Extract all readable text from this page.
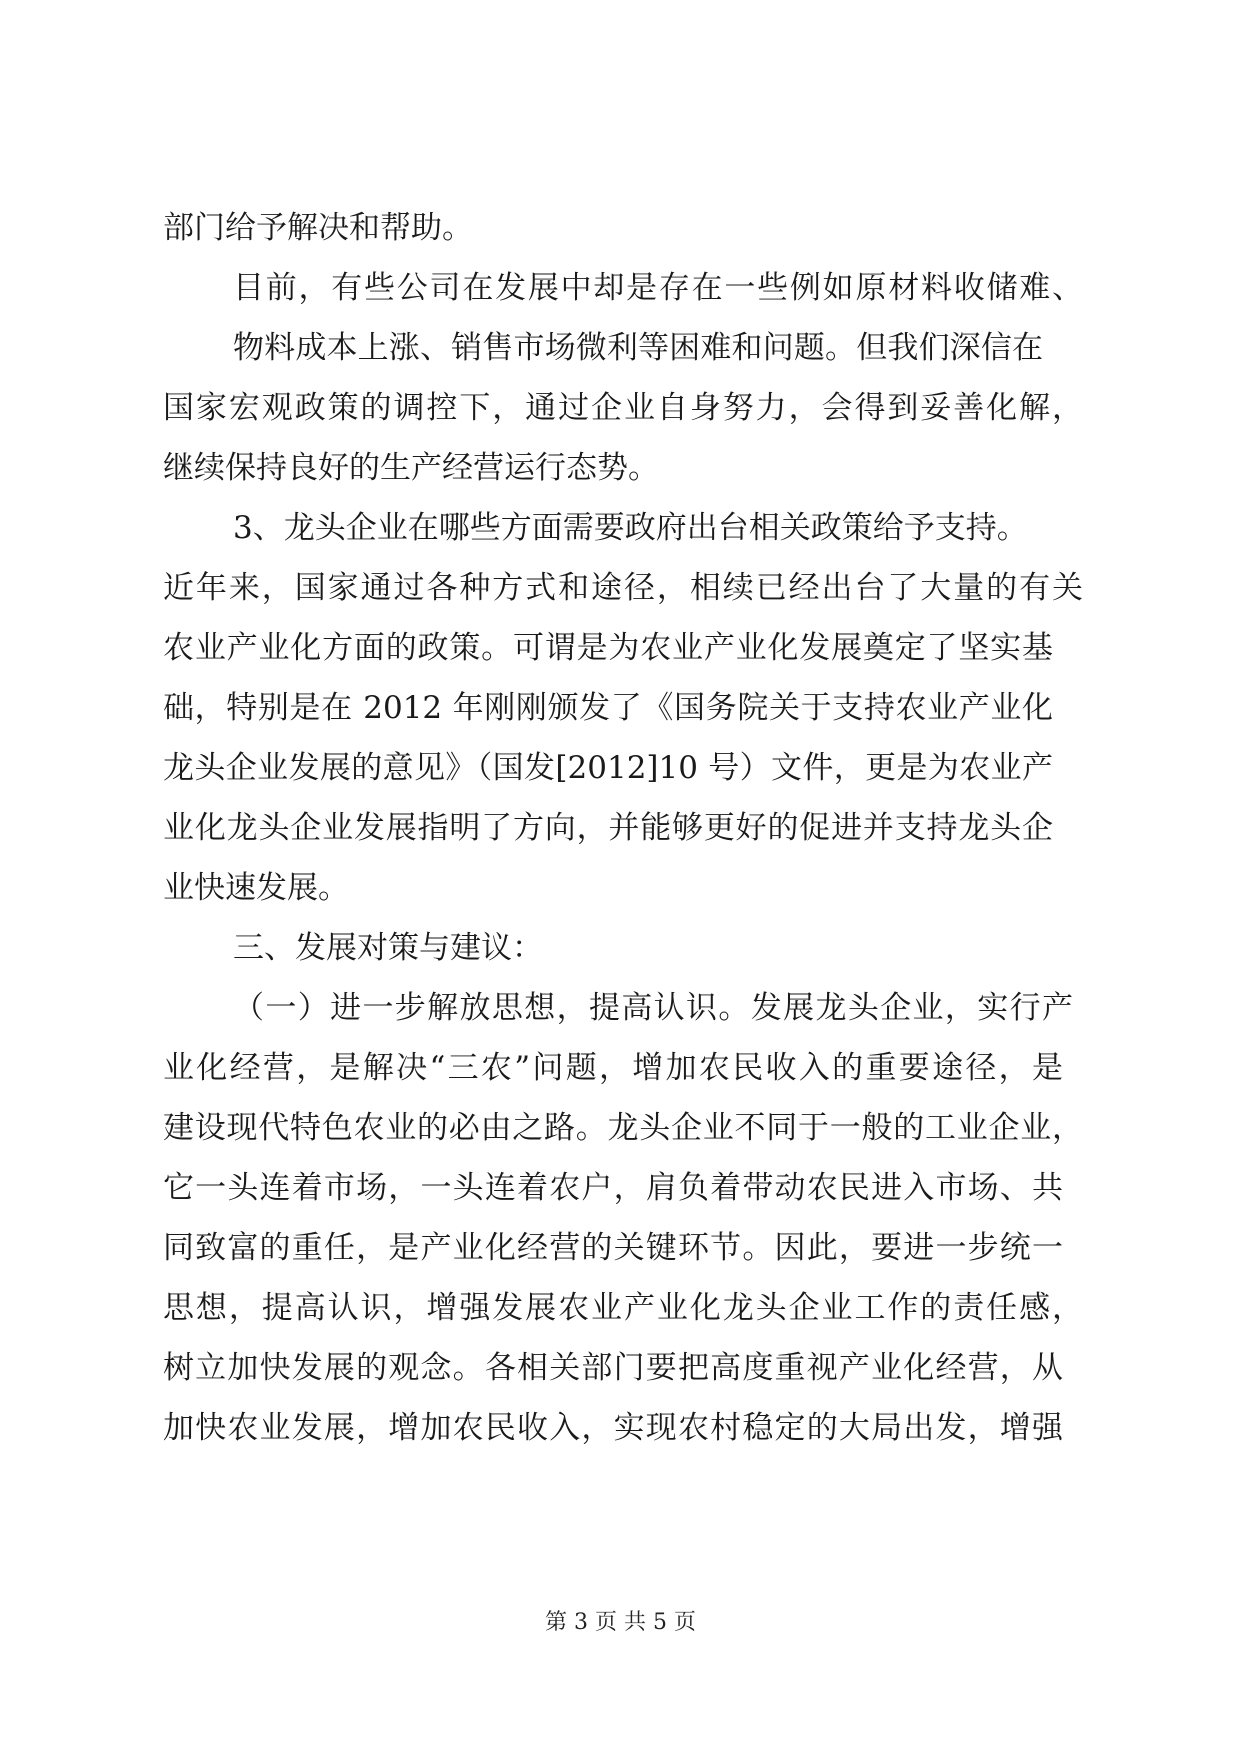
部门给予解决和帮助。
目前，有些公司在发展中却是存在一些例如原材料收储难、
物料成本上涨、销售市场微利等困难和问题。但我们深信在
国家宏观政策的调控下，通过企业自身努力，会得到妥善化解，
继续保持良好的生产经营运行态势。
3、龙头企业在哪些方面需要政府出台相关政策给予支持。
近年来，国家通过各种方式和途径，相续已经出台了大量的有关
农业产业化方面的政策。可谓是为农业产业化发展奠定了坚实基
础，特别是在 2012 年刚刚颁发了《国务院关于支持农业产业化
龙头企业发展的意见》（国发[2012]10 号）文件，更是为农业产
业化龙头企业发展指明了方向，并能够更好的促进并支持龙头企
业快速发展。
三、发展对策与建议：
（一）进一步解放思想，提高认识。发展龙头企业，实行产
业化经营，是解决“三农”问题，增加农民收入的重要途径，是
建设现代特色农业的必由之路。龙头企业不同于一般的工业企业，
它一头连着市场，一头连着农户，肩负着带动农民进入市场、共
同致富的重任，是产业化经营的关键环节。因此，要进一步统一
思想，提高认识，增强发展农业产业化龙头企业工作的责任感，
树立加快发展的观念。各相关部门要把高度重视产业化经营，从
加快农业发展，增加农民收入，实现农村稳定的大局出发，增强
第 3 页 共 5 页
